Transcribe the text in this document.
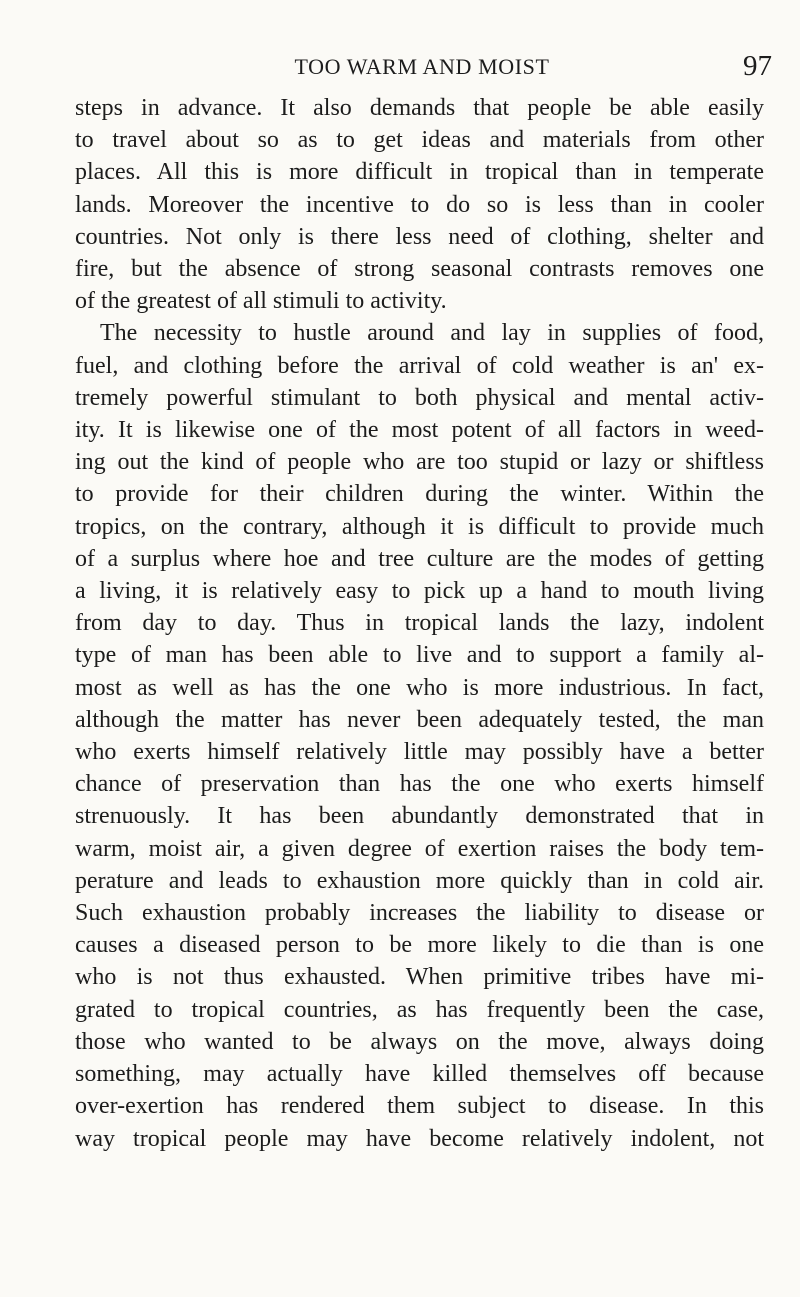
TOO WARM AND MOIST	97
steps in advance. It also demands that people be able easily
to travel about so as to get ideas and materials from other
places. All this is more difficult in tropical than in temperate
lands. Moreover the incentive to do so is less than in cooler
countries. Not only is there less need of clothing, shelter and
fire, but the absence of strong seasonal contrasts removes one
of the greatest of all stimuli to activity.
The necessity to hustle around and lay in supplies of food,
fuel, and clothing before the arrival of cold weather is an' ex-
tremely powerful stimulant to both physical and mental activ-
ity. It is likewise one of the most potent of all factors in weed-
ing out the kind of people who are too stupid or lazy or shiftless
to provide for their children during the winter. Within the
tropics, on the contrary, although it is difficult to provide much
of a surplus where hoe and tree culture are the modes of getting
a living, it is relatively easy to pick up a hand to mouth living
from day to day. Thus in tropical lands the lazy, indolent
type of man has been able to live and to support a family al-
most as well as has the one who is more industrious. In fact,
although the matter has never been adequately tested, the man
who exerts himself relatively little may possibly have a better
chance of preservation than has the one who exerts himself
strenuously. It has been abundantly demonstrated that in
warm, moist air, a given degree of exertion raises the body tem-
perature and leads to exhaustion more quickly than in cold air.
Such exhaustion probably increases the liability to disease or
causes a diseased person to be more likely to die than is one
who is not thus exhausted. When primitive tribes have mi-
grated to tropical countries, as has frequently been the case,
those who wanted to be always on the move, always doing
something, may actually have killed themselves off because
over-exertion has rendered them subject to disease. In this
way tropical people may have become relatively indolent, not
